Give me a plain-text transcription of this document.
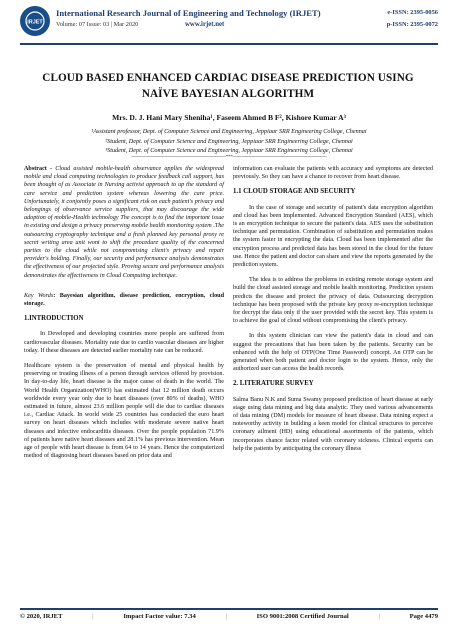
IRJET
International Research Journal of Engineering and Technology (IRJET)
Volume: 07 Issue: 03 | Mar 2020	www.irjet.net
e-ISSN: 2395-0056
p-ISSN: 2395-0072
CLOUD BASED ENHANCED CARDIAC DISEASE PREDICTION USING NAÏVE BAYESIAN ALGORITHM
Mrs. D. J. Hani Mary Sheniha¹, Faseem Ahmed B F², Kishore Kumar A³
¹Assistant professor, Dept. of Computer Science and Engineering, Jeppiaar SRR Engineering College, Chennai
²Student, Dept. of Computer Science and Engineering, Jeppiaar SRR Engineering College, Chennai
³Student, Dept. of Computer Science and Engineering, Jeppiaar SRR Engineering College, Chennai
---------------------------------------------------------------------***---------------------------------------------------------------------

Abstract - Cloud assisted mobile-health observance applies the widespread mobile and cloud computing technologies to produce feedback call support, has been thought of as Associate in Nursing activist approach to up the standard of care service and prediction system whereas lowering the care price. Unfortunately, it conjointly poses a significant risk on each patient's privacy and belongings of observance service suppliers, that may discourage the wide adoption of mobile-Health technology The concept is to find the important issue in existing and design a privacy preserving mobile health monitoring system .The outsourcing cryptography technique and a fresh planned key personal proxy re secret writing area unit wont to shift the procedure quality of the concerned parties to the cloud while not compromising client's privacy and repair provider's holding. Finally, our security and performance analysis demonstrates the effectiveness of our projected style. Proving secure and performance analysis demonstrates the effectiveness in Cloud Computing technique.

Key Words: Bayesian algorithm, disease prediction, encryption, cloud storage.

1.INTRODUCTION

In Developed and developing countries more people are suffered from cardiovascular diseases. Mortality rate due to cardio vascular diseases are higher today. If these diseases are detected earlier mortality rate can be reduced.

Healthcare system is the preservation of mental and physical health by preserving or treating illness of a person through services offered by provision. In day-to-day life, heart disease is the major cause of death in the world. The World Health Organization(WHO) has estimated that 12 million death occurs worldwide every year only due to heart diseases (over 80% of deaths), WHO estimated in future, almost 23.6 million people will die due to cardiac diseases i.e., Cardiac Attack. In world wide 25 countries has conducted the euro heart survey on heart diseases which includes with moderate severe native heart diseases and infective endocarditis diseases. Over the people population 71.9% of patients have native heart diseases and 28.1% has previous intervention. Mean age of people with heart disease is from 64 to 14 years. Hence the computerized method of diagnosing heart diseases based on prior data and

information can evaluate the patients with accuracy and symptoms are detected previously. So they can have a chance to recover from heart disease.

1.1 CLOUD STORAGE AND SECURITY

In the case of storage and security of patient's data encryption algorithm and cloud has been implemented. Advanced Encryption Standard (AES), which is an encryption technique to secure the patient's data. AES uses the substitution technique and permutation. Combination of substitution and permutation makes the system faster in encrypting the data. Cloud has been implemented after the encryption process and predicted data has been stored in the cloud for the future use. Hence the patient and doctor can share and view the reports generated by the prediction system.

The idea is to address the problems in existing remote storage system and build the cloud assisted storage and mobile health monitoring. Prediction system predicts the disease and protect the privacy of data. Outsourcing decryption technique has been proposed with the private key proxy re-encryption technique for decrypt the data only if the user provided with the secret key. This system is to achieve the goal of cloud without compromising the client's privacy.

In this system clinician can view the patient's data in cloud and can suggest the precautions that has been taken by the patients. Security can be enhanced with the help of OTP(One Time Password) concept. An OTP can be generated when both patient and doctor login to the system. Hence, only the authorized user can access the health records.

2. LITERATURE SURVEY

Salma Banu N.K and Suma Swamy proposed prediction of heart disease at early stage using data mining and big data analytic. They used various advancements of data mining (DM) models for measure of heart disease. Data mining expect a noteworthy activity in building a keen model for clinical structures to perceive coronary ailment (HD) using educational assortments of the patients, which incorporates chance factor related with coronary sickness. Clinical experts can help the patients by anticipating the coronary illness

© 2020, IRJET	|	Impact Factor value: 7.34	|	ISO 9001:2008 Certified Journal	|	Page 4479
